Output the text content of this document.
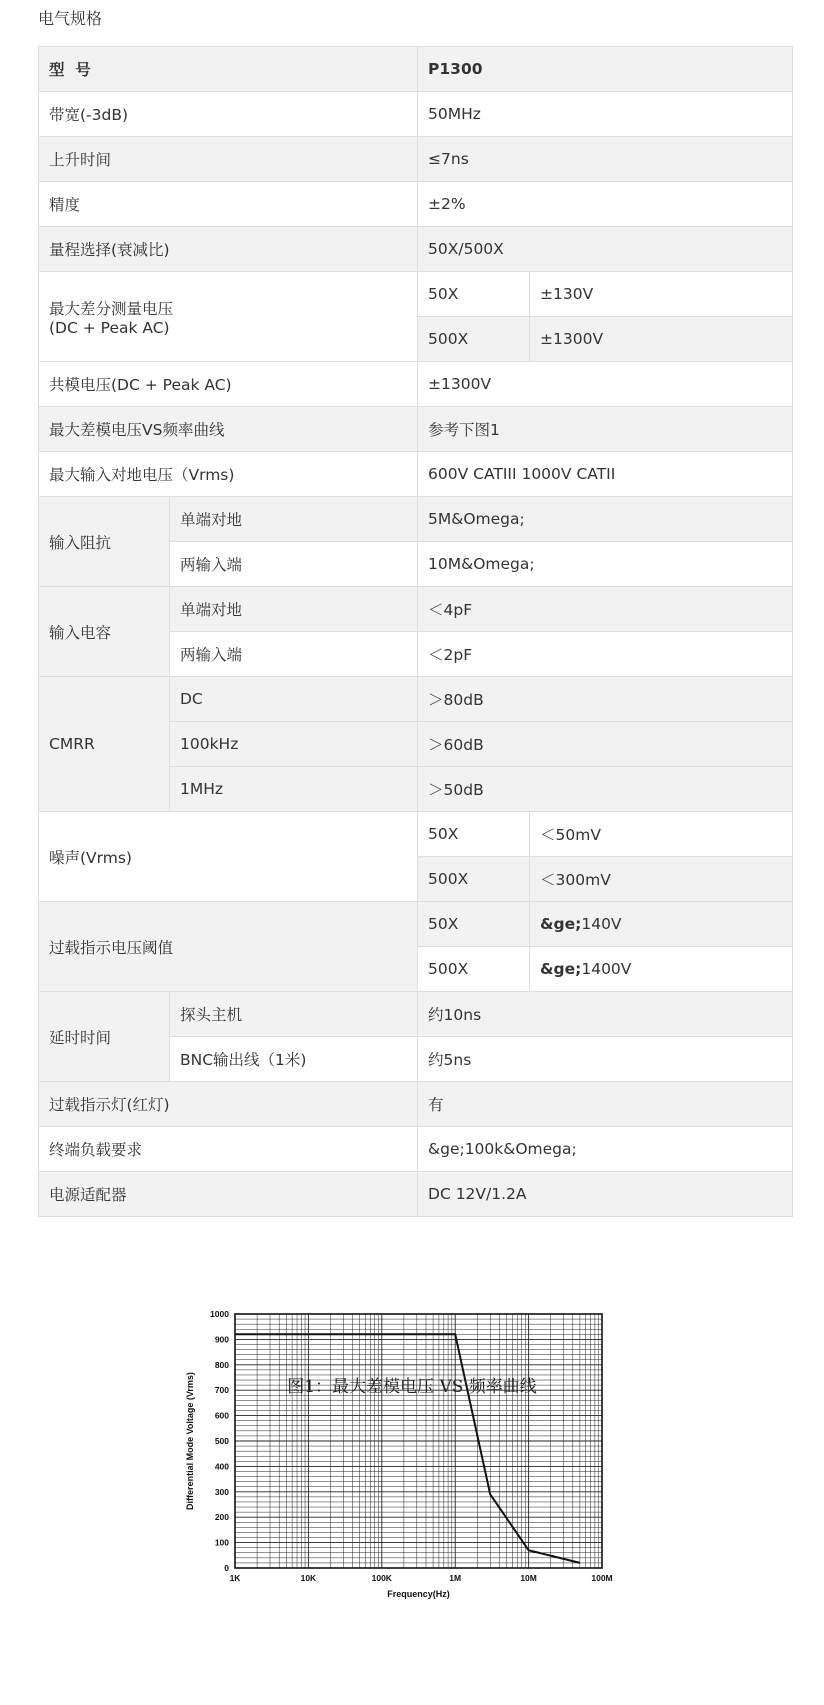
电气规格
型  号		P1300	
带宽(-3dB)		50MHz	
上升时间		≤7ns	
精度		±2%	
量程选择(衰减比)		50X/500X	

最大差分测量电压
(DC + Peak AC)		50X	±130V
		500X	±1300V
共模电压(DC + Peak AC)		±1300V	
最大差模电压VS频率曲线		参考下图1	
最大输入对地电压（Vrms)		600V CATIII 1000V CATII	
输入阻抗	单端对地	5M&Omega;	
	两输入端	10M&Omega;	
输入电容	单端对地	＜4pF	
	两输入端	＜2pF	
CMRR	DC	＞80dB	
	100kHz	＞60dB	
	1MHz	＞50dB	
噪声(Vrms)		50X	＜50mV
		500X	＜300mV
过载指示电压阈值		50X	&ge;140V
		500X	&ge;1400V
延时时间	探头主机	约10ns	
	BNC输出线（1米)	约5ns	
过载指示灯(红灯)		有	
终端负载要求		&ge;100k&Omega;	
电源适配器		DC 12V/1.2A	
0
100
200
300
400
500
600
700
800
900
1000
1K	10K	100K	1M	10M	100M
Frequency(Hz)
Differential Mode Voltage (Vrms)	图1：最大差模电压 VS 频率曲线
